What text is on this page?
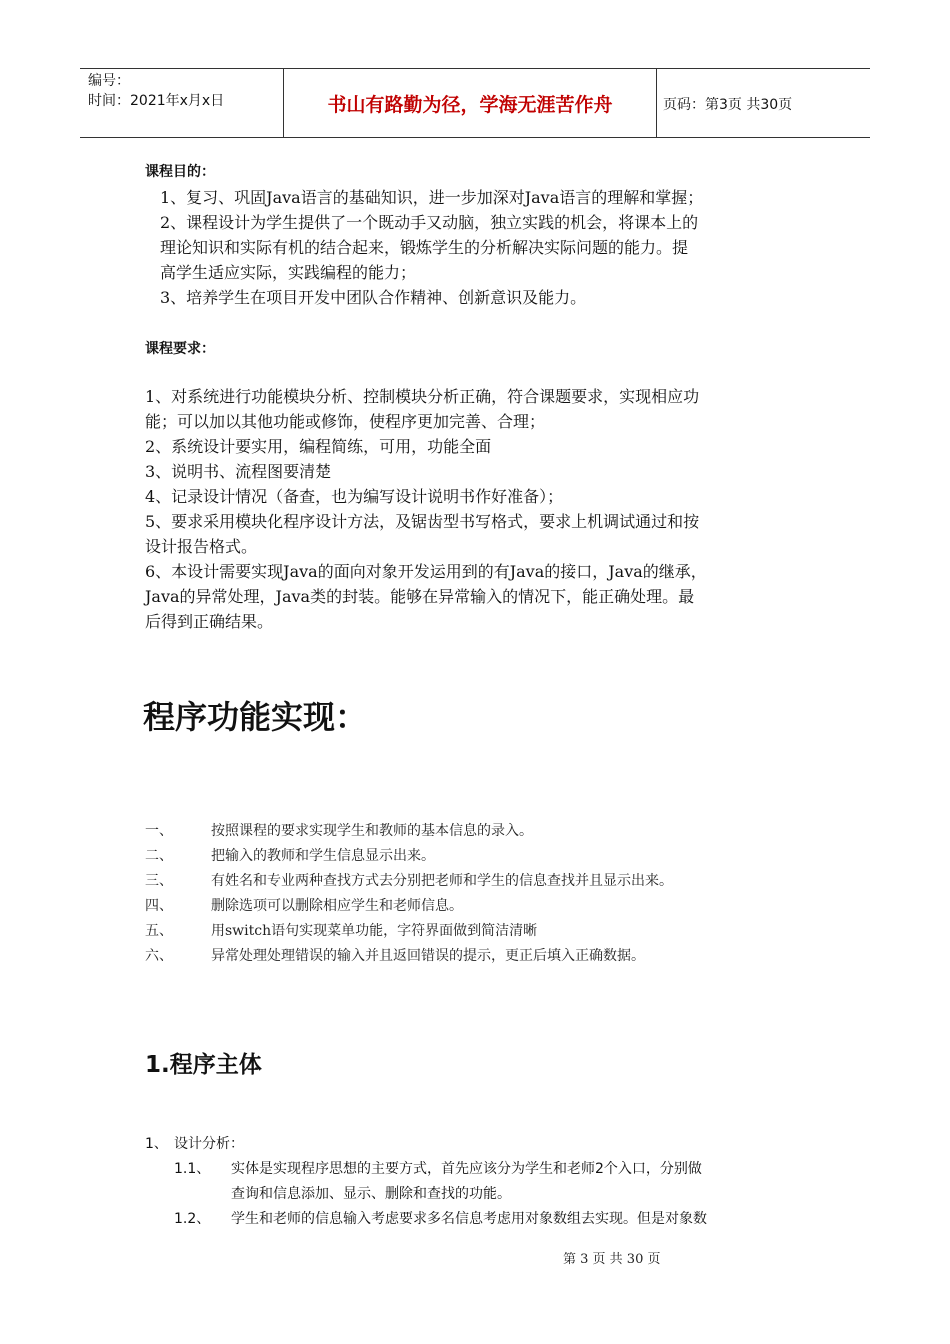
编号：
时间：2021年x月x日	书山有路勤为径，学海无涯苦作舟	页码：第3页 共30页
课程目的：
1、复习、巩固Java语言的基础知识，进一步加深对Java语言的理解和掌握；
2、课程设计为学生提供了一个既动手又动脑，独立实践的机会，将课本上的
理论知识和实际有机的结合起来，锻炼学生的分析解决实际问题的能力。提
高学生适应实际，实践编程的能力；
3、培养学生在项目开发中团队合作精神、创新意识及能力。
课程要求：
1、对系统进行功能模块分析、控制模块分析正确，符合课题要求，实现相应功
能；可以加以其他功能或修饰，使程序更加完善、合理；
2、系统设计要实用，编程简练，可用，功能全面
3、说明书、流程图要清楚
4、记录设计情况（备查，也为编写设计说明书作好准备）；
5、要求采用模块化程序设计方法，及锯齿型书写格式，要求上机调试通过和按
设计报告格式。
6、本设计需要实现Java的面向对象开发运用到的有Java的接口，Java的继承，
Java的异常处理，Java类的封装。能够在异常输入的情况下，能正确处理。最
后得到正确结果。
程序功能实现：
一、	按照课程的要求实现学生和教师的基本信息的录入。
二、	把输入的教师和学生信息显示出来。
三、	有姓名和专业两种查找方式去分别把老师和学生的信息查找并且显示出来。
四、	删除选项可以删除相应学生和老师信息。
五、	用switch语句实现菜单功能，字符界面做到简洁清晰
六、	异常处理处理错误的输入并且返回错误的提示，更正后填入正确数据。
1.程序主体
1、 设计分析：
1.1、 实体是实现程序思想的主要方式，首先应该分为学生和老师2个入口，分别做
查询和信息添加、显示、删除和查找的功能。
1.2、 学生和老师的信息输入考虑要求多名信息考虑用对象数组去实现。但是对象数
第 3 页 共 30 页
